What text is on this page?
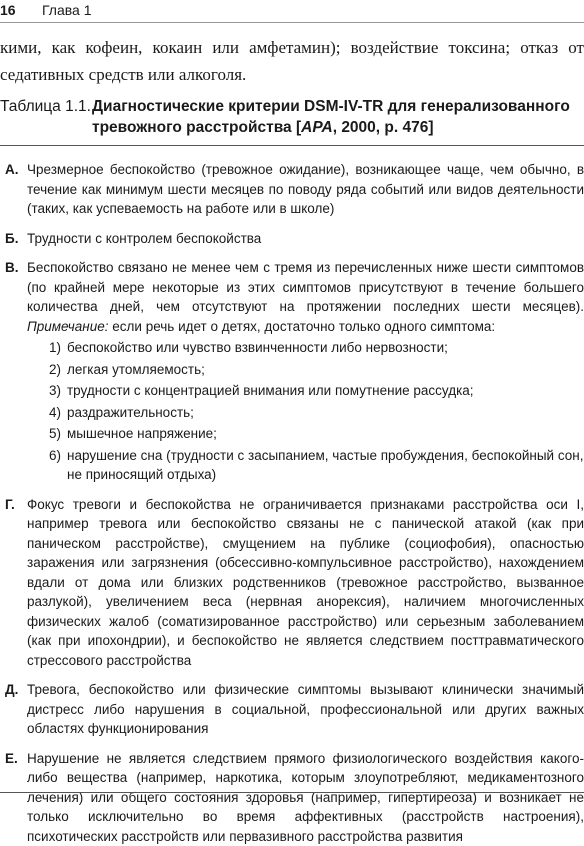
16 Глава 1
кими, как кофеин, кокаин или амфетамин); воздействие токсина; отказ от седативных средств или алкоголя.
Таблица 1.1.Диагностические критерии DSM-IV-TR для генерализованного
тревожного расстройства [APA, 2000, р. 476]
А. Чрезмерное беспокойство (тревожное ожидание), возникающее чаще, чем обычно, в течение как минимум шести месяцев по поводу ряда событий или видов деятельности (таких, как успеваемость на работе или в школе)
Б. Трудности с контролем беспокойства
В. Беспокойство связано не менее чем с тремя из перечисленных ниже шести симптомов (по крайней мере некоторые из этих симптомов присутствуют в течение большего количества дней, чем отсутствуют на протяжении последних шести месяцев). Примечание: если речь идет о детях, достаточно только одного симптома:
1) беспокойство или чувство взвинченности либо нервозности;
2) легкая утомляемость;
3) трудности с концентрацией внимания или помутнение рассудка;
4) раздражительность;
5) мышечное напряжение;
6) нарушение сна (трудности с засыпанием, частые пробуждения, беспокойный сон, не приносящий отдыха)
Г. Фокус тревоги и беспокойства не ограничивается признаками расстройства оси I, например тревога или беспокойство связаны не с панической атакой (как при паническом расстройстве), смущением на публике (социофобия), опасностью заражения или загрязнения (обсессивно-компульсивное расстройство), нахождением вдали от дома или близких родственников (тревожное расстройство, вызванное разлукой), увеличением веса (нервная анорексия), наличием многочисленных физических жалоб (соматизированное расстройство) или серьезным заболеванием (как при ипохондрии), и беспокойство не является следствием посттравматического стрессового расстройства
Д. Тревога, беспокойство или физические симптомы вызывают клинически значимый дистресс либо нарушения в социальной, профессиональной или других важных областях функционирования
Е. Нарушение не является следствием прямого физиологического воздействия какого-либо вещества (например, наркотика, которым злоупотребляют, медикаментозного лечения) или общего состояния здоровья (например, гипертиреоза) и возникает не только исключительно во время аффективных (расстройств настроения), психотических расстройств или первазивного расстройства развития
